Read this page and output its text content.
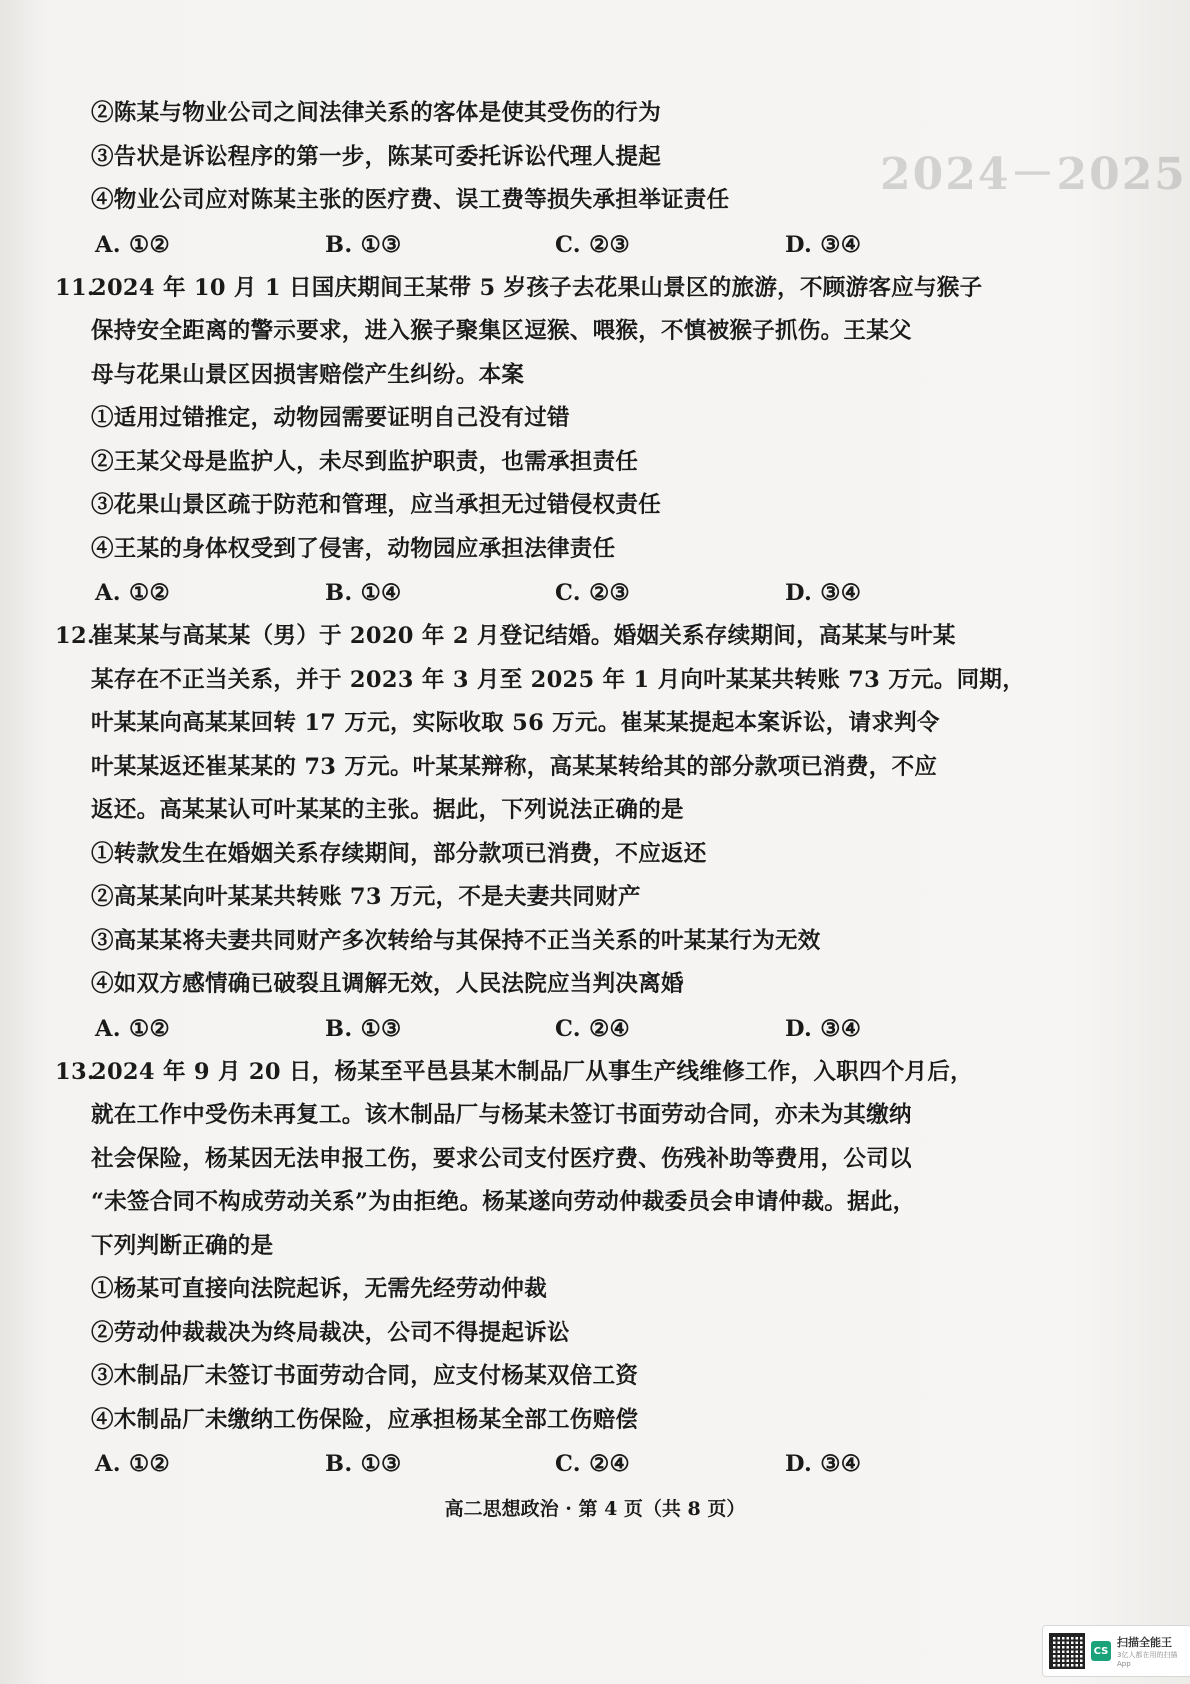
2024－2025
②陈某与物业公司之间法律关系的客体是使其受伤的行为
③告状是诉讼程序的第一步，陈某可委托诉讼代理人提起
④物业公司应对陈某主张的医疗费、误工费等损失承担举证责任
A. ①②	B. ①③	C. ②③	D. ③④
11.2024 年 10 月 1 日国庆期间王某带 5 岁孩子去花果山景区的旅游，不顾游客应与猴子
保持安全距离的警示要求，进入猴子聚集区逗猴、喂猴，不慎被猴子抓伤。王某父
母与花果山景区因损害赔偿产生纠纷。本案
①适用过错推定，动物园需要证明自己没有过错
②王某父母是监护人，未尽到监护职责，也需承担责任
③花果山景区疏于防范和管理，应当承担无过错侵权责任
④王某的身体权受到了侵害，动物园应承担法律责任
A. ①②	B. ①④	C. ②③	D. ③④
12.崔某某与高某某（男）于 2020 年 2 月登记结婚。婚姻关系存续期间，高某某与叶某
某存在不正当关系，并于 2023 年 3 月至 2025 年 1 月向叶某某共转账 73 万元。同期，
叶某某向高某某回转 17 万元，实际收取 56 万元。崔某某提起本案诉讼，请求判令
叶某某返还崔某某的 73 万元。叶某某辩称，高某某转给其的部分款项已消费，不应
返还。高某某认可叶某某的主张。据此，下列说法正确的是
①转款发生在婚姻关系存续期间，部分款项已消费，不应返还
②高某某向叶某某共转账 73 万元，不是夫妻共同财产
③高某某将夫妻共同财产多次转给与其保持不正当关系的叶某某行为无效
④如双方感情确已破裂且调解无效，人民法院应当判决离婚
A. ①②	B. ①③	C. ②④	D. ③④
13.2024 年 9 月 20 日，杨某至平邑县某木制品厂从事生产线维修工作，入职四个月后，
就在工作中受伤未再复工。该木制品厂与杨某未签订书面劳动合同，亦未为其缴纳
社会保险，杨某因无法申报工伤，要求公司支付医疗费、伤残补助等费用，公司以
“未签合同不构成劳动关系”为由拒绝。杨某遂向劳动仲裁委员会申请仲裁。据此，
下列判断正确的是
①杨某可直接向法院起诉，无需先经劳动仲裁
②劳动仲裁裁决为终局裁决，公司不得提起诉讼
③木制品厂未签订书面劳动合同，应支付杨某双倍工资
④木制品厂未缴纳工伤保险，应承担杨某全部工伤赔偿
A. ①②	B. ①③	C. ②④	D. ③④
高二思想政治 · 第 4 页（共 8 页）
CS
扫描全能王
3亿人都在用的扫描App
